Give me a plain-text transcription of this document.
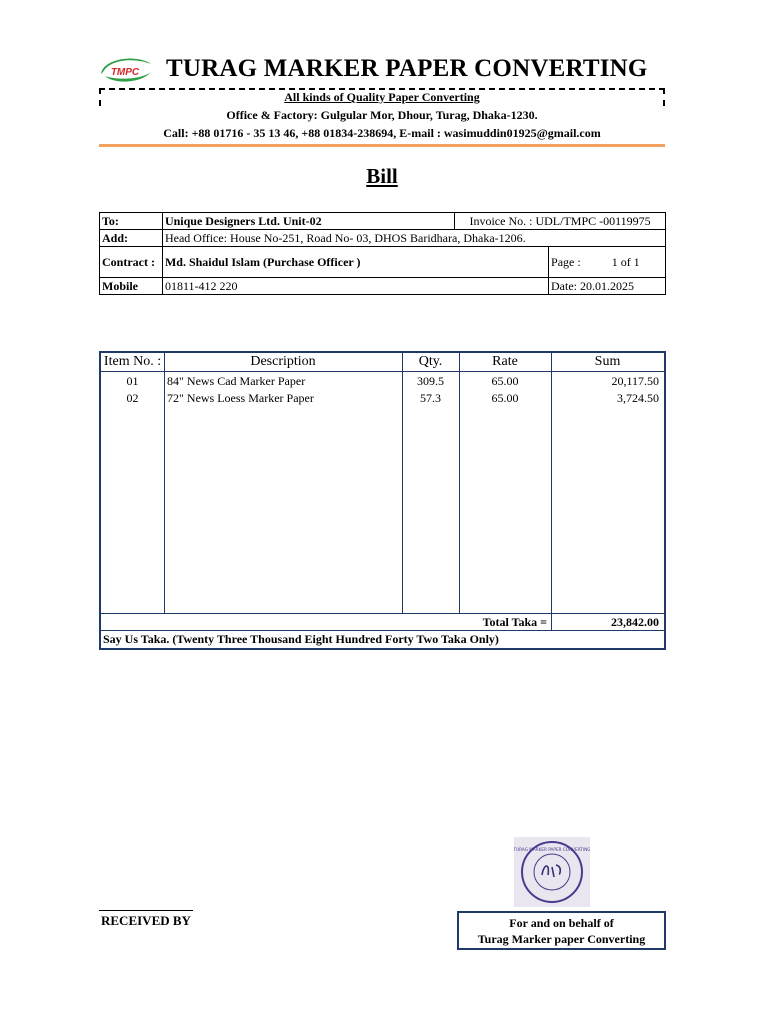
TMPC TURAG MARKER PAPER CONVERTING
All kinds of Quality Paper Converting
Office & Factory: Gulgular Mor, Dhour, Turag, Dhaka-1230.
Call: +88 01716 - 35 13 46, +88 01834-238694, E-mail : wasimuddin01925@gmail.com
Bill
To:	Unique Designers Ltd. Unit-02	Invoice No. : UDL/TMPC -00119975	
Add:	Head Office: House No-251, Road No- 03, DHOS Baridhara, Dhaka-1206.		
Contract :	Md. Shaidul Islam (Purchase Officer )		Page : 1 of 1
Mobile	01811-412 220		Date: 20.01.2025
Item No. :	Description	Qty.	Rate	Sum
01	84" News Cad Marker Paper	309.5	65.00	20,117.50
02	72" News Loess Marker Paper	57.3	65.00	3,724.50
Total Taka =	23,842.00
Say Us Taka. (Twenty Three Thousand Eight Hundred Forty Two Taka Only)
TURAG MARKER PAPER CONVERTING
RECEIVED BY	For and on behalf of
Turag Marker paper Converting
